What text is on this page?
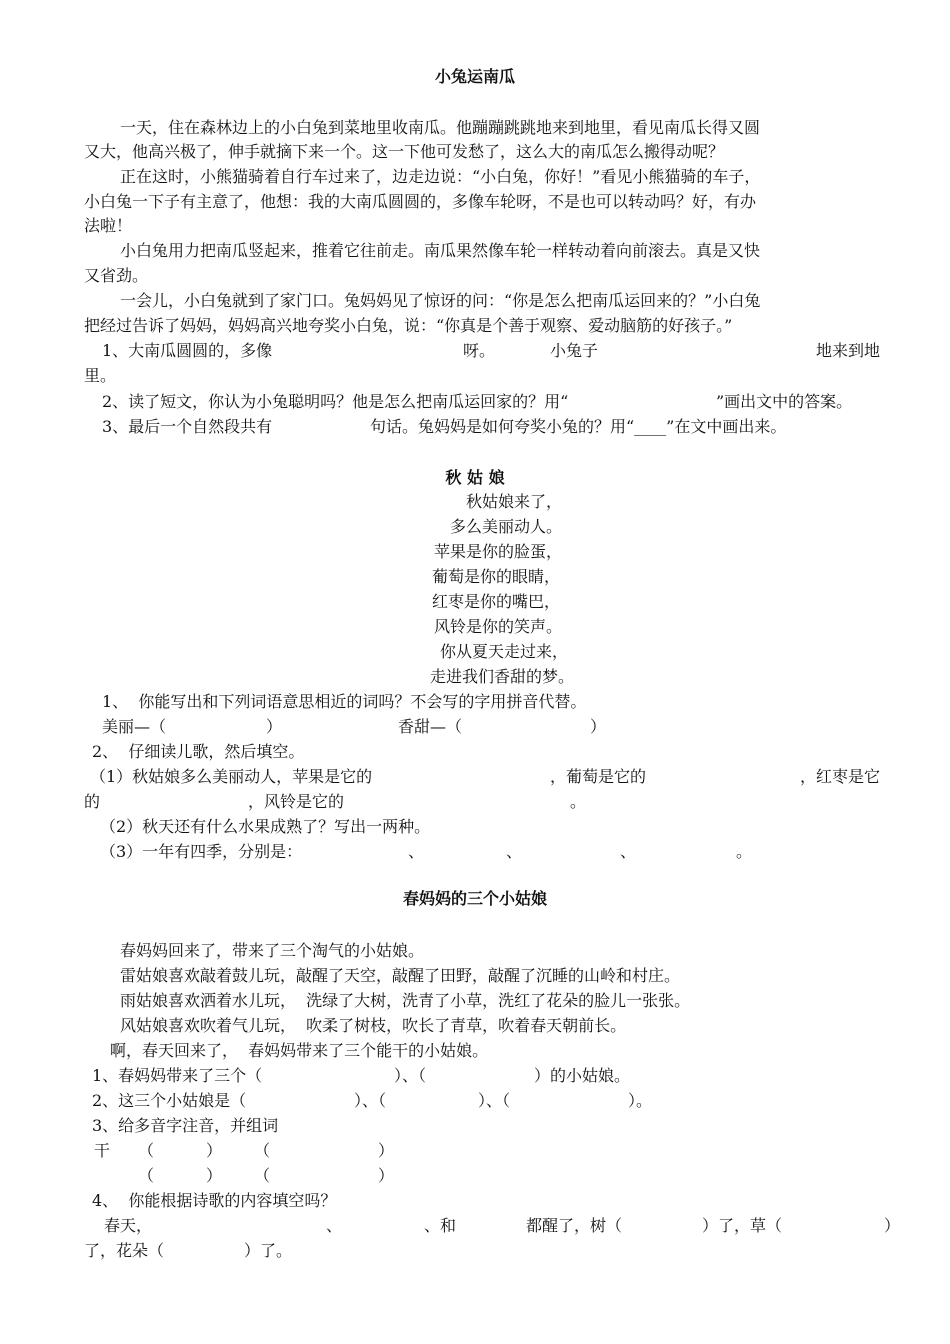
小兔运南瓜
一天，住在森林边上的小白兔到菜地里收南瓜。他蹦蹦跳跳地来到地里，看见南瓜长得又圆
又大，他高兴极了，伸手就摘下来一个。这一下他可发愁了，这么大的南瓜怎么搬得动呢？
正在这时，小熊猫骑着自行车过来了，边走边说：“小白兔，你好！”看见小熊猫骑的车子，
小白兔一下子有主意了，他想：我的大南瓜圆圆的，多像车轮呀，不是也可以转动吗？好，有办
法啦！
小白兔用力把南瓜竖起来，推着它往前走。南瓜果然像车轮一样转动着向前滚去。真是又快
又省劲。
一会儿，小白兔就到了家门口。兔妈妈见了惊讶的问：“你是怎么把南瓜运回来的？”小白兔
把经过告诉了妈妈，妈妈高兴地夸奖小白兔，说：“你真是个善于观察、爱动脑筋的好孩子。”
1、大南瓜圆圆的，多像	呀。	小兔子	地来到地
里。
2、读了短文，你认为小兔聪明吗？他是怎么把南瓜运回家的？用“	”画出文中的答案。
3、最后一个自然段共有	句话。兔妈妈是如何夸奖小兔的？用“____”在文中画出来。
秋 姑 娘
秋姑娘来了，
多么美丽动人。
苹果是你的脸蛋，
葡萄是你的眼睛，
红枣是你的嘴巴，
风铃是你的笑声。
你从夏天走过来，
走进我们香甜的梦。
1、  你能写出和下列词语意思相近的词吗？不会写的字用拼音代替。
美丽—（	）	香甜—（	）
2、  仔细读儿歌，然后填空。
（1）秋姑娘多么美丽动人，苹果是它的	，葡萄是它的	，红枣是它
的	，风铃是它的	。
（2）秋天还有什么水果成熟了？写出一两种。
（3）一年有四季，分别是：	、	、	、	。
春妈妈的三个小姑娘
春妈妈回来了，带来了三个淘气的小姑娘。
雷姑娘喜欢敲着鼓儿玩，敲醒了天空，敲醒了田野，敲醒了沉睡的山岭和村庄。
雨姑娘喜欢洒着水儿玩，  洗绿了大树，洗青了小草，洗红了花朵的脸儿一张张。
风姑娘喜欢吹着气儿玩，  吹柔了树枝，吹长了青草，吹着春天朝前长。
啊，春天回来了，  春妈妈带来了三个能干的小姑娘。
1、春妈妈带来了三个（	）、（	）的小姑娘。
2、这三个小姑娘是（	）、（	）、（	）。
3、给多音字注音，并组词
干 （	） （	）
（	） （	）
4、  你能根据诗歌的内容填空吗？
春天，	、	、和	都醒了，树（	）了，草（	）
了，花朵（	）了。
